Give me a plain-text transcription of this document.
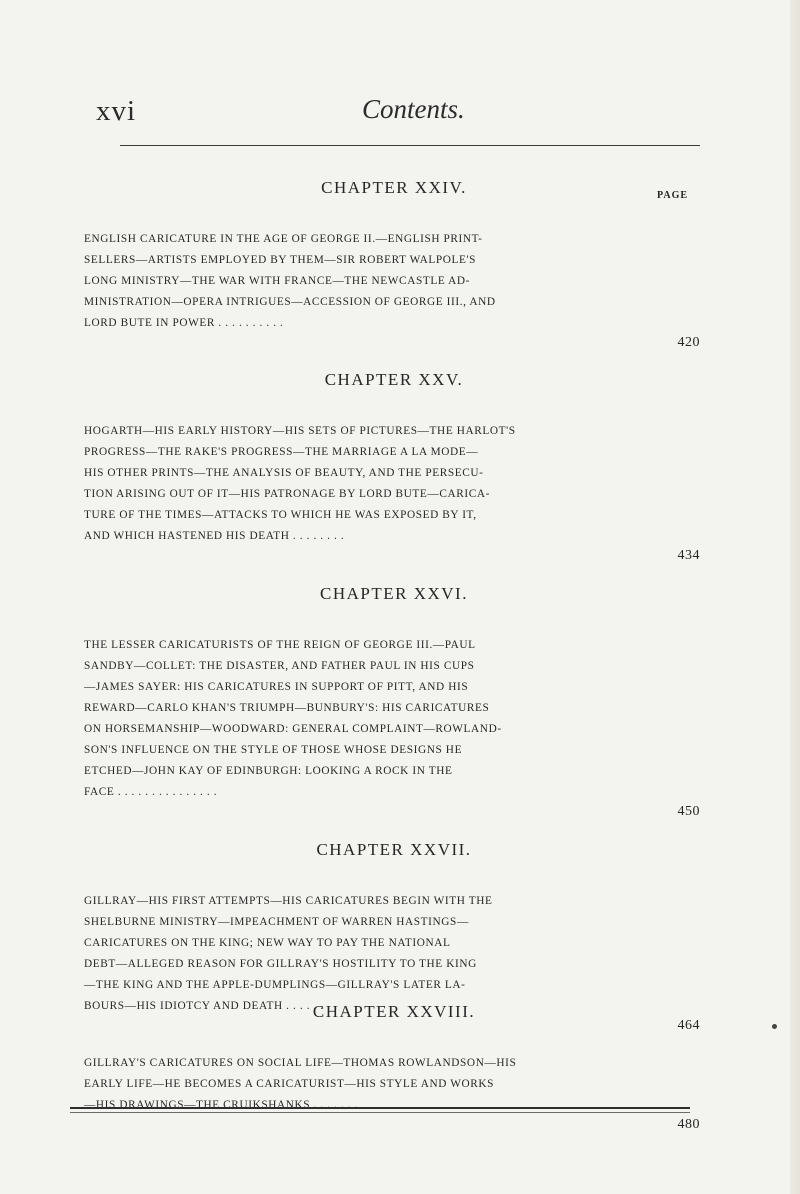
xvi	Contents.
PAGE
CHAPTER XXIV.

ENGLISH CARICATURE IN THE AGE OF GEORGE II.—ENGLISH PRINT-
SELLERS—ARTISTS EMPLOYED BY THEM—SIR ROBERT WALPOLE'S
LONG MINISTRY—THE WAR WITH FRANCE—THE NEWCASTLE AD-
MINISTRATION—OPERA INTRIGUES—ACCESSION OF GEORGE III., AND
LORD BUTE IN POWER . . . . . . . . . .

420

CHAPTER XXV.

HOGARTH—HIS EARLY HISTORY—HIS SETS OF PICTURES—THE HARLOT'S
PROGRESS—THE RAKE'S PROGRESS—THE MARRIAGE A LA MODE—
HIS OTHER PRINTS—THE ANALYSIS OF BEAUTY, AND THE PERSECU-
TION ARISING OUT OF IT—HIS PATRONAGE BY LORD BUTE—CARICA-
TURE OF THE TIMES—ATTACKS TO WHICH HE WAS EXPOSED BY IT,
AND WHICH HASTENED HIS DEATH . . . . . . . .

434

CHAPTER XXVI.

THE LESSER CARICATURISTS OF THE REIGN OF GEORGE III.—PAUL
SANDBY—COLLET: THE DISASTER, AND FATHER PAUL IN HIS CUPS
—JAMES SAYER: HIS CARICATURES IN SUPPORT OF PITT, AND HIS
REWARD—CARLO KHAN'S TRIUMPH—BUNBURY'S: HIS CARICATURES
ON HORSEMANSHIP—WOODWARD: GENERAL COMPLAINT—ROWLAND-
SON'S INFLUENCE ON THE STYLE OF THOSE WHOSE DESIGNS HE
ETCHED—JOHN KAY OF EDINBURGH: LOOKING A ROCK IN THE
FACE . . . . . . . . . . . . . . .

450

CHAPTER XXVII.

GILLRAY—HIS FIRST ATTEMPTS—HIS CARICATURES BEGIN WITH THE
SHELBURNE MINISTRY—IMPEACHMENT OF WARREN HASTINGS—
CARICATURES ON THE KING; NEW WAY TO PAY THE NATIONAL
DEBT—ALLEGED REASON FOR GILLRAY'S HOSTILITY TO THE KING
—THE KING AND THE APPLE-DUMPLINGS—GILLRAY'S LATER LA-
BOURS—HIS IDIOTCY AND DEATH . . . . . . . .

464

CHAPTER XXVIII.

GILLRAY'S CARICATURES ON SOCIAL LIFE—THOMAS ROWLANDSON—HIS
EARLY LIFE—HE BECOMES A CARICATURIST—HIS STYLE AND WORKS
—HIS DRAWINGS—THE CRUIKSHANKS . . . . . . .

480
